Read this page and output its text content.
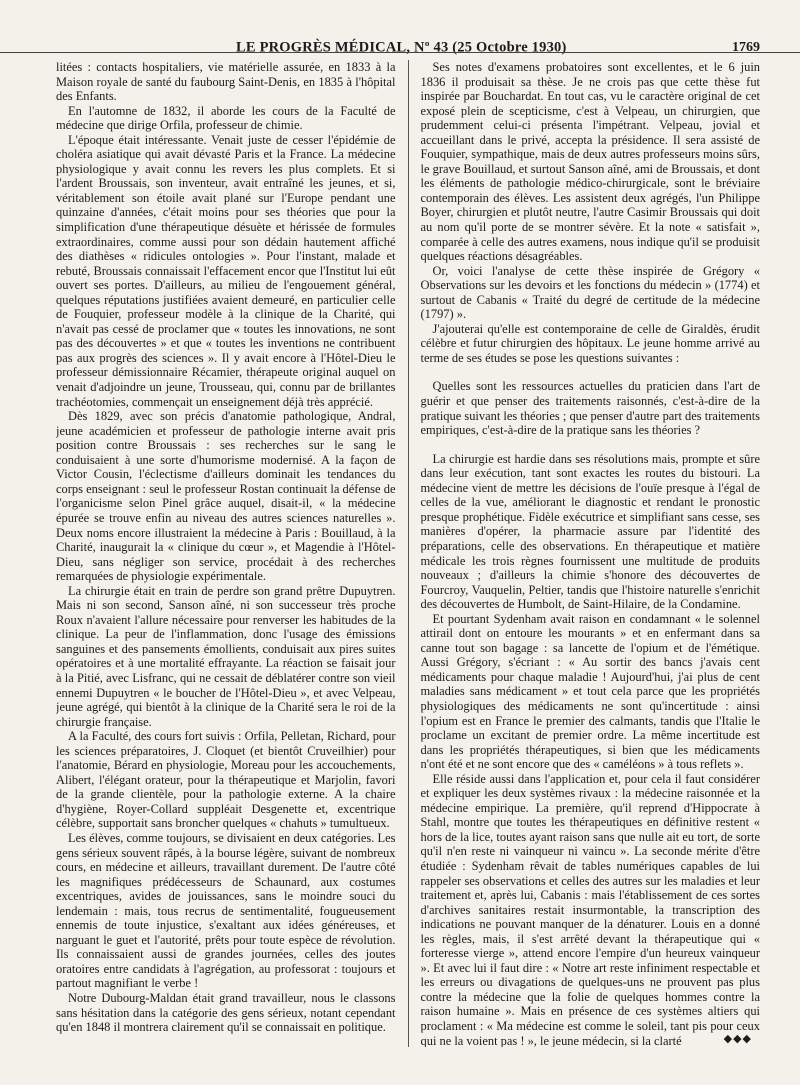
LE PROGRÈS MÉDICAL, Nº 43 (25 Octobre 1930)	1769

litées : contacts hospitaliers, vie matérielle assurée, en 1833 à la Maison royale de santé du faubourg Saint-Denis, en 1835 à l'hôpital des Enfants.

En l'automne de 1832, il aborde les cours de la Faculté de médecine que dirige Orfila, professeur de chimie.

L'époque était intéressante. Venait juste de cesser l'épidémie de choléra asiatique qui avait dévasté Paris et la France. La médecine physiologique y avait connu les revers les plus complets. Et si l'ardent Broussais, son inventeur, avait entraîné les jeunes, et si, véritablement son étoile avait plané sur l'Europe pendant une quinzaine d'années, c'était moins pour ses théories que pour la simplification d'une thérapeutique désuète et hérissée de formules extraordinaires, comme aussi pour son dédain hautement affiché des diathèses « ridicules ontologies ». Pour l'instant, malade et rebuté, Broussais connaissait l'effacement encor que l'Institut lui eût ouvert ses portes. D'ailleurs, au milieu de l'engouement général, quelques réputations justifiées avaient demeuré, en particulier celle de Fouquier, professeur modèle à la clinique de la Charité, qui n'avait pas cessé de proclamer que « toutes les innovations, ne sont pas des découvertes » et que « toutes les inventions ne contribuent pas aux progrès des sciences ». Il y avait encore à l'Hôtel-Dieu le professeur démissionnaire Récamier, thérapeute original auquel on venait d'adjoindre un jeune, Trousseau, qui, connu par de brillantes trachéotomies, commençait un enseignement déjà très apprécié.

Dès 1829, avec son précis d'anatomie pathologique, Andral, jeune académicien et professeur de pathologie interne avait pris position contre Broussais : ses recherches sur le sang le conduisaient à une sorte d'humorisme modernisé. A la façon de Victor Cousin, l'éclectisme d'ailleurs dominait les tendances du corps enseignant : seul le professeur Rostan continuait la défense de l'organicisme selon Pinel grâce auquel, disait-il, « la médecine épurée se trouve enfin au niveau des autres sciences naturelles ». Deux noms encore illustraient la médecine à Paris : Bouillaud, à la Charité, inaugurait la « clinique du cœur », et Magendie à l'Hôtel-Dieu, sans négliger son service, procédait à des recherches remarquées de physiologie expérimentale.

La chirurgie était en train de perdre son grand prêtre Dupuytren. Mais ni son second, Sanson aîné, ni son successeur très proche Roux n'avaient l'allure nécessaire pour renverser les habitudes de la clinique. La peur de l'inflammation, donc l'usage des émissions sanguines et des pansements émollients, conduisait aux pires suites opératoires et à une mortalité effrayante. La réaction se faisait jour à la Pitié, avec Lisfranc, qui ne cessait de déblatérer contre son vieil ennemi Dupuytren « le boucher de l'Hôtel-Dieu », et avec Velpeau, jeune agrégé, qui bientôt à la clinique de la Charité sera le roi de la chirurgie française.

A la Faculté, des cours fort suivis : Orfila, Pelletan, Richard, pour les sciences préparatoires, J. Cloquet (et bientôt Cruveilhier) pour l'anatomie, Bérard en physiologie, Moreau pour les accouchements, Alibert, l'élégant orateur, pour la thérapeutique et Marjolin, favori de la grande clientèle, pour la pathologie externe. A la chaire d'hygiène, Royer-Collard suppléait Desgenette et, excentrique célèbre, supportait sans broncher quelques « chahuts » tumultueux.

Les élèves, comme toujours, se divisaient en deux catégories. Les gens sérieux souvent râpés, à la bourse légère, suivant de nombreux cours, en médecine et ailleurs, travaillant durement. De l'autre côté les magnifiques prédécesseurs de Schaunard, aux costumes excentriques, avides de jouissances, sans le moindre souci du lendemain : mais, tous recrus de sentimentalité, fougueusement ennemis de toute injustice, s'exaltant aux idées généreuses, et narguant le guet et l'autorité, prêts pour toute espèce de révolution. Ils connaissaient aussi de grandes journées, celles des joutes oratoires entre candidats à l'agrégation, au professorat : toujours et partout magnifiant le verbe !

Notre Dubourg-Maldan était grand travailleur, nous le classons sans hésitation dans la catégorie des gens sérieux, notant cependant qu'en 1848 il montrera clairement qu'il se connaissait en politique.

Ses notes d'examens probatoires sont excellentes, et le 6 juin 1836 il produisait sa thèse. Je ne crois pas que cette thèse fut inspirée par Bouchardat. En tout cas, vu le caractère original de cet exposé plein de scepticisme, c'est à Velpeau, un chirurgien, que prudemment celui-ci présenta l'impétrant. Velpeau, jovial et accueillant dans le privé, accepta la présidence. Il sera assisté de Fouquier, sympathique, mais de deux autres professeurs moins sûrs, le grave Bouillaud, et surtout Sanson aîné, ami de Broussais, et dont les éléments de pathologie médico-chirurgicale, sont le bréviaire contemporain des élèves. Les assistent deux agrégés, l'un Philippe Boyer, chirurgien et plutôt neutre, l'autre Casimir Broussais qui doit au nom qu'il porte de se montrer sévère. Et la note « satisfait », comparée à celle des autres examens, nous indique qu'il se produisit quelques réactions désagréables.

Or, voici l'analyse de cette thèse inspirée de Grégory « Observations sur les devoirs et les fonctions du médecin » (1774) et surtout de Cabanis « Traité du degré de certitude de la médecine (1797) ».

J'ajouterai qu'elle est contemporaine de celle de Giraldès, érudit célèbre et futur chirurgien des hôpitaux. Le jeune homme arrivé au terme de ses études se pose les questions suivantes :

Quelles sont les ressources actuelles du praticien dans l'art de guérir et que penser des traitements raisonnés, c'est-à-dire de la pratique suivant les théories ; que penser d'autre part des traitements empiriques, c'est-à-dire de la pratique sans les théories ?

La chirurgie est hardie dans ses résolutions mais, prompte et sûre dans leur exécution, tant sont exactes les routes du bistouri. La médecine vient de mettre les décisions de l'ouïe presque à l'égal de celles de la vue, améliorant le diagnostic et rendant le pronostic presque prophétique. Fidèle exécutrice et simplifiant sans cesse, ses manières d'opérer, la pharmacie assure par l'identité des préparations, celle des observations. En thérapeutique et matière médicale les trois règnes fournissent une multitude de produits nouveaux ; d'ailleurs la chimie s'honore des découvertes de Fourcroy, Vauquelin, Peltier, tandis que l'histoire naturelle s'enrichit des découvertes de Humbolt, de Saint-Hilaire, de la Condamine.

Et pourtant Sydenham avait raison en condamnant « le solennel attirail dont on entoure les mourants » et en enfermant dans sa canne tout son bagage : sa lancette de l'opium et de l'émétique. Aussi Grégory, s'écriant : « Au sortir des bancs j'avais cent médicaments pour chaque maladie ! Aujourd'hui, j'ai plus de cent maladies sans médicament » et tout cela parce que les propriétés physiologiques des médicaments ne sont qu'incertitude : ainsi l'opium est en France le premier des calmants, tandis que l'Italie le proclame un excitant de premier ordre. La même incertitude est dans les propriétés thérapeutiques, si bien que les médicaments n'ont été et ne sont encore que des « caméléons » à tous reflets ».

Elle réside aussi dans l'application et, pour cela il faut considérer et expliquer les deux systèmes rivaux : la médecine raisonnée et la médecine empirique. La première, qu'il reprend d'Hippocrate à Stahl, montre que toutes les thérapeutiques en définitive restent « hors de la lice, toutes ayant raison sans que nulle ait eu tort, de sorte qu'il n'en reste ni vainqueur ni vaincu ». La seconde mérite d'être étudiée : Sydenham rêvait de tables numériques capables de lui rappeler ses observations et celles des autres sur les maladies et leur traitement et, après lui, Cabanis : mais l'établissement de ces sortes d'archives sanitaires restait insurmontable, la transcription des indications ne pouvant manquer de la dénaturer. Louis en a donné les règles, mais, il s'est arrêté devant la thérapeutique qui « forteresse vierge », attend encore l'empire d'un heureux vainqueur ». Et avec lui il faut dire : « Notre art reste infiniment respectable et les erreurs ou divagations de quelques-uns ne prouvent pas plus contre la médecine que la folie de quelques hommes contre la raison humaine ». Mais en présence de ces systèmes altiers qui proclament : « Ma médecine est comme le soleil, tant pis pour ceux qui ne la voient pas ! », le jeune médecin, si la clarté	◆◆◆
